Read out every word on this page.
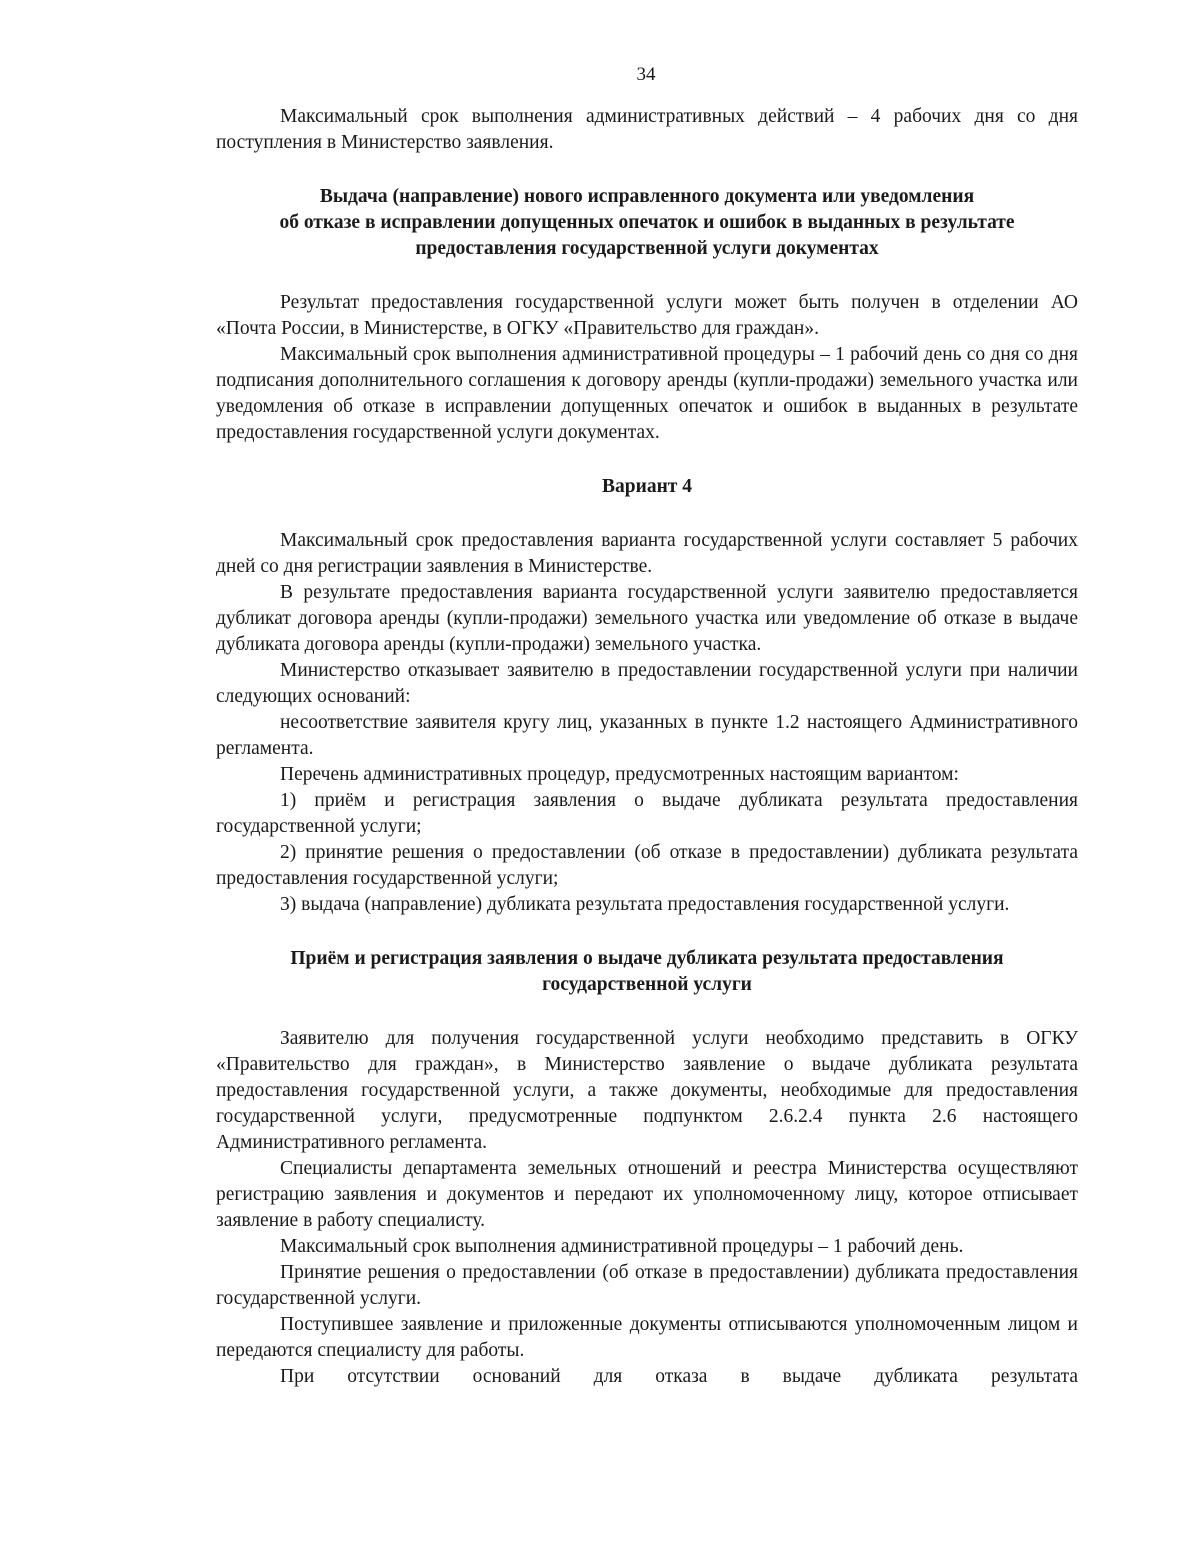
34

Максимальный срок выполнения административных действий – 4 рабочих дня со дня поступления в Министерство заявления.

Выдача (направление) нового исправленного документа или уведомления
об отказе в исправлении допущенных опечаток и ошибок в выданных в результате
предоставления государственной услуги документах

Результат предоставления государственной услуги может быть получен в отделении АО «Почта России, в Министерстве, в ОГКУ «Правительство для граждан».

Максимальный срок выполнения административной процедуры – 1 рабочий день со дня со дня подписания дополнительного соглашения к договору аренды (купли-продажи) земельного участка или уведомления об отказе в исправлении допущенных опечаток и ошибок в выданных в результате предоставления государственной услуги документах.

Вариант 4

Максимальный срок предоставления варианта государственной услуги составляет 5 рабочих дней со дня регистрации заявления в Министерстве.

В результате предоставления варианта государственной услуги заявителю предоставляется дубликат договора аренды (купли-продажи) земельного участка или уведомление об отказе в выдаче дубликата договора аренды (купли-продажи) земельного участка.

Министерство отказывает заявителю в предоставлении государственной услуги при наличии следующих оснований:

несоответствие заявителя кругу лиц, указанных в пункте 1.2 настоящего Административного регламента.

Перечень административных процедур, предусмотренных настоящим вариантом:

1) приём и регистрация заявления о выдаче дубликата результата предоставления государственной услуги;

2) принятие решения о предоставлении (об отказе в предоставлении) дубликата результата предоставления государственной услуги;

3) выдача (направление) дубликата результата предоставления государственной услуги.

Приём и регистрация заявления о выдаче дубликата результата предоставления
государственной услуги

Заявителю для получения государственной услуги необходимо представить в ОГКУ «Правительство для граждан», в Министерство заявление о выдаче дубликата результата предоставления государственной услуги, а также документы, необходимые для предоставления государственной услуги, предусмотренные подпунктом 2.6.2.4 пункта 2.6 настоящего Административного регламента.

Специалисты департамента земельных отношений и реестра Министерства осуществляют регистрацию заявления и документов и передают их уполномоченному лицу, которое отписывает заявление в работу специалисту.

Максимальный срок выполнения административной процедуры – 1 рабочий день.

Принятие решения о предоставлении (об отказе в предоставлении) дубликата предоставления государственной услуги.

Поступившее заявление и приложенные документы отписываются уполномоченным лицом и передаются специалисту для работы.

При отсутствии оснований для отказа в выдаче дубликата результата
